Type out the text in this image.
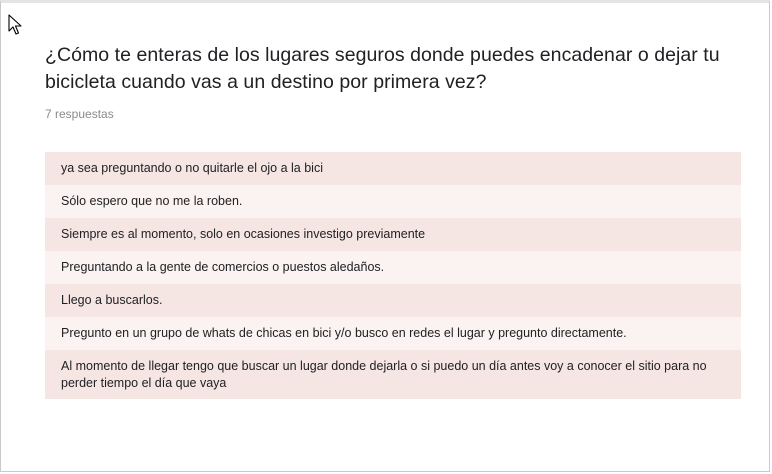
¿Cómo te enteras de los lugares seguros donde puedes encadenar o dejar tu bicicleta cuando vas a un destino por primera vez?
7 respuestas
ya sea preguntando o no quitarle el ojo a la bici
Sólo espero que no me la roben.
Siempre es al momento, solo en ocasiones investigo previamente
Preguntando a la gente de comercios o puestos aledaños.
Llego a buscarlos.
Pregunto en un grupo de whats de chicas en bici y/o busco en redes el lugar y pregunto directamente.
Al momento de llegar tengo que buscar un lugar donde dejarla o si puedo un día antes voy a conocer el sitio para no perder tiempo el día que vaya
